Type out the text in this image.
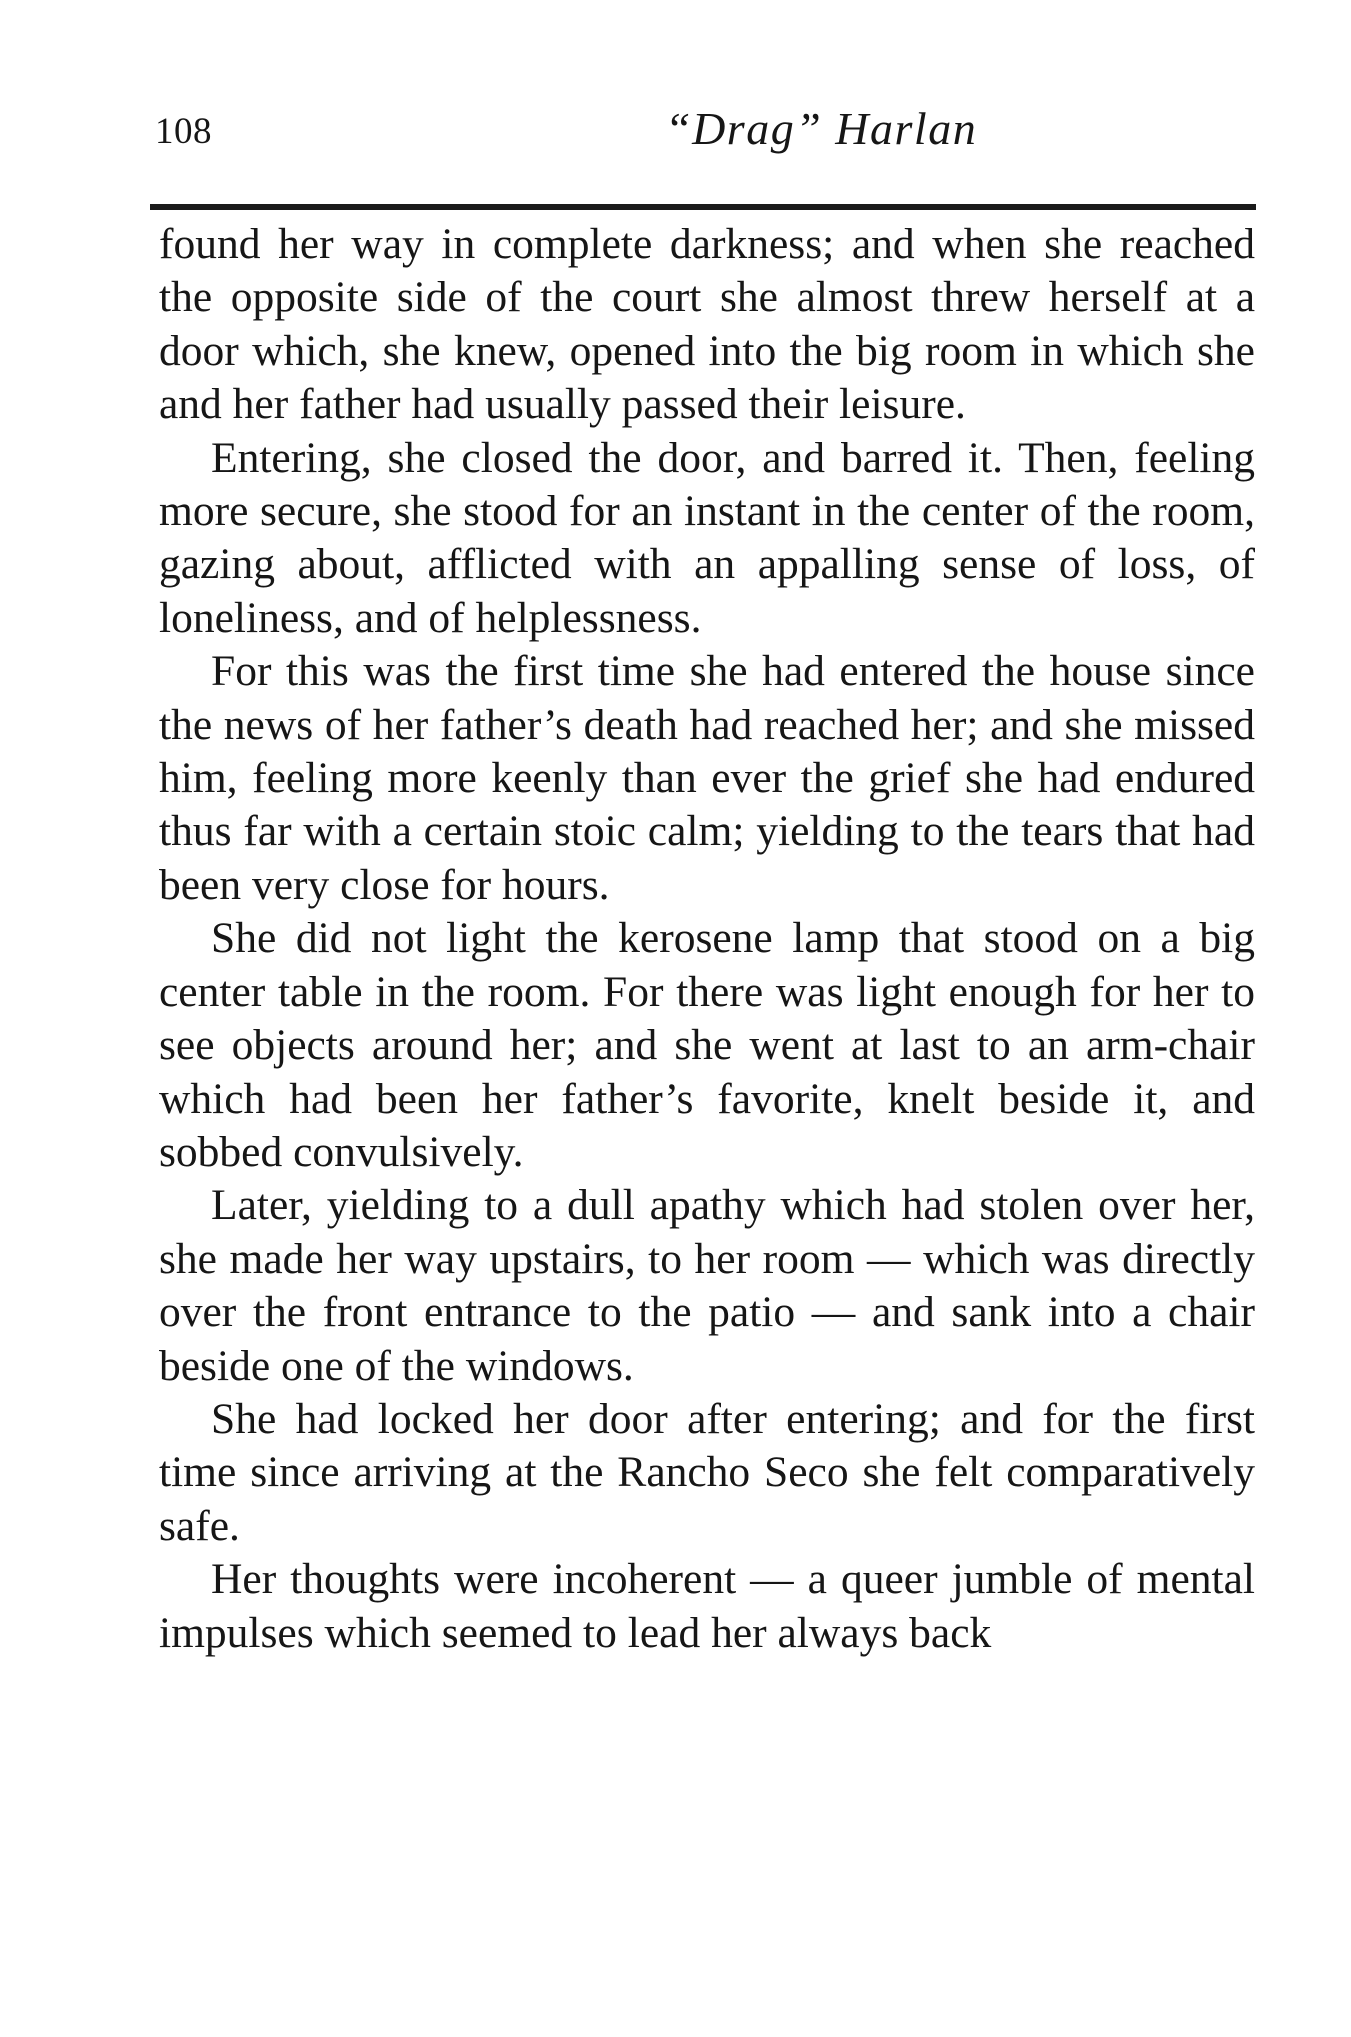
108	“Drag” Harlan

found her way in complete darkness; and when she reached the opposite side of the court she almost threw herself at a door which, she knew, opened into the big room in which she and her father had usually passed their leisure.

Entering, she closed the door, and barred it. Then, feeling more secure, she stood for an instant in the center of the room, gazing about, afflicted with an appalling sense of loss, of loneliness, and of helplessness.

For this was the first time she had entered the house since the news of her father’s death had reached her; and she missed him, feeling more keenly than ever the grief she had endured thus far with a certain stoic calm; yielding to the tears that had been very close for hours.

She did not light the kerosene lamp that stood on a big center table in the room. For there was light enough for her to see objects around her; and she went at last to an arm-chair which had been her father’s favorite, knelt beside it, and sobbed convulsively.

Later, yielding to a dull apathy which had stolen over her, she made her way upstairs, to her room — which was directly over the front entrance to the patio — and sank into a chair beside one of the windows.

She had locked her door after entering; and for the first time since arriving at the Rancho Seco she felt comparatively safe.

Her thoughts were incoherent — a queer jumble of mental impulses which seemed to lead her always back
